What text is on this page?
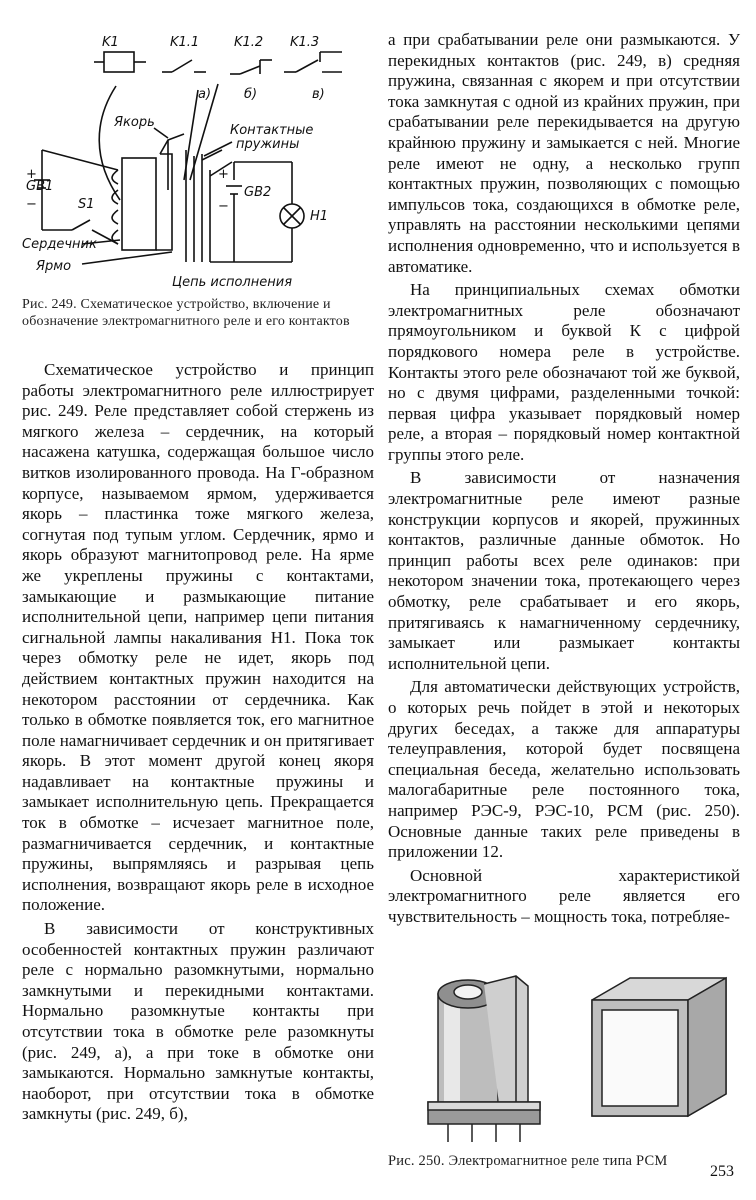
K1	K1.1	K1.2 K1.3
а)	б)	в)
Якорь
Контактные
пружины
+
GB1
−	S1
+
GB2
−
H1
Сердечник
Ярмо
Цепь исполнения

Рис. 249. Схематическое устройство, включение и обозначение электромагнитного реле и его контактов

Схематическое устройство и принцип работы электромагнитного реле иллюстрирует рис. 249. Реле представляет собой стержень из мягкого железа – сердечник, на который насажена катушка, содержащая большое число витков изолированного провода. На Г-образном корпусе, называемом ярмом, удерживается якорь – пластинка тоже мягкого железа, согнутая под тупым углом. Сердечник, ярмо и якорь образуют магнитопровод реле. На ярме же укреплены пружины с контактами, замыкающие и размыкающие питание исполнительной цепи, например цепи питания сигнальной лампы накаливания H1. Пока ток через обмотку реле не идет, якорь под действием контактных пружин находится на некотором расстоянии от сердечника. Как только в обмотке появляется ток, его магнитное поле намагничивает сердечник и он притягивает якорь. В этот момент другой конец якоря надавливает на контактные пружины и замыкает исполнительную цепь. Прекращается ток в обмотке – исчезает магнитное поле, размагничивается сердечник, и контактные пружины, выпрямляясь и разрывая цепь исполнения, возвращают якорь реле в исходное положение.

В зависимости от конструктивных особенностей контактных пружин различают реле с нормально разомкнутыми, нормально замкнутыми и перекидными контактами. Нормально разомкнутые контакты при отсутствии тока в обмотке реле разомкнуты (рис. 249, а), а при токе в обмотке они замыкаются. Нормально замкнутые контакты, наоборот, при отсутствии тока в обмотке замкнуты (рис. 249, б),

а при срабатывании реле они размыкаются. У перекидных контактов (рис. 249, в) средняя пружина, связанная с якорем и при отсутствии тока замкнутая с одной из крайних пружин, при срабатывании реле перекидывается на другую крайнюю пружину и замыкается с ней. Многие реле имеют не одну, а несколько групп контактных пружин, позволяющих с помощью импульсов тока, создающихся в обмотке реле, управлять на расстоянии несколькими цепями исполнения одновременно, что и используется в автоматике.

На принципиальных схемах обмотки электромагнитных реле обозначают прямоугольником и буквой К с цифрой порядкового номера реле в устройстве. Контакты этого реле обозначают той же буквой, но с двумя цифрами, разделенными точкой: первая цифра указывает порядковый номер реле, а вторая – порядковый номер контактной группы этого реле.

В зависимости от назначения электромагнитные реле имеют разные конструкции корпусов и якорей, пружинных контактов, различные данные обмоток. Но принцип работы всех реле одинаков: при некотором значении тока, протекающего через обмотку, реле срабатывает и его якорь, притягиваясь к намагниченному сердечнику, замыкает или размыкает контакты исполнительной цепи.

Для автоматически действующих устройств, о которых речь пойдет в этой и некоторых других беседах, а также для аппаратуры телеуправления, которой будет посвящена специальная беседа, желательно использовать малогабаритные реле постоянного тока, например РЭС-9, РЭС-10, РСМ (рис. 250). Основные данные таких реле приведены в приложении 12.

Основной характеристикой электромагнитного реле является его чувствительность – мощность тока, потребляе-

Рис. 250. Электромагнитное реле типа РСМ

253
